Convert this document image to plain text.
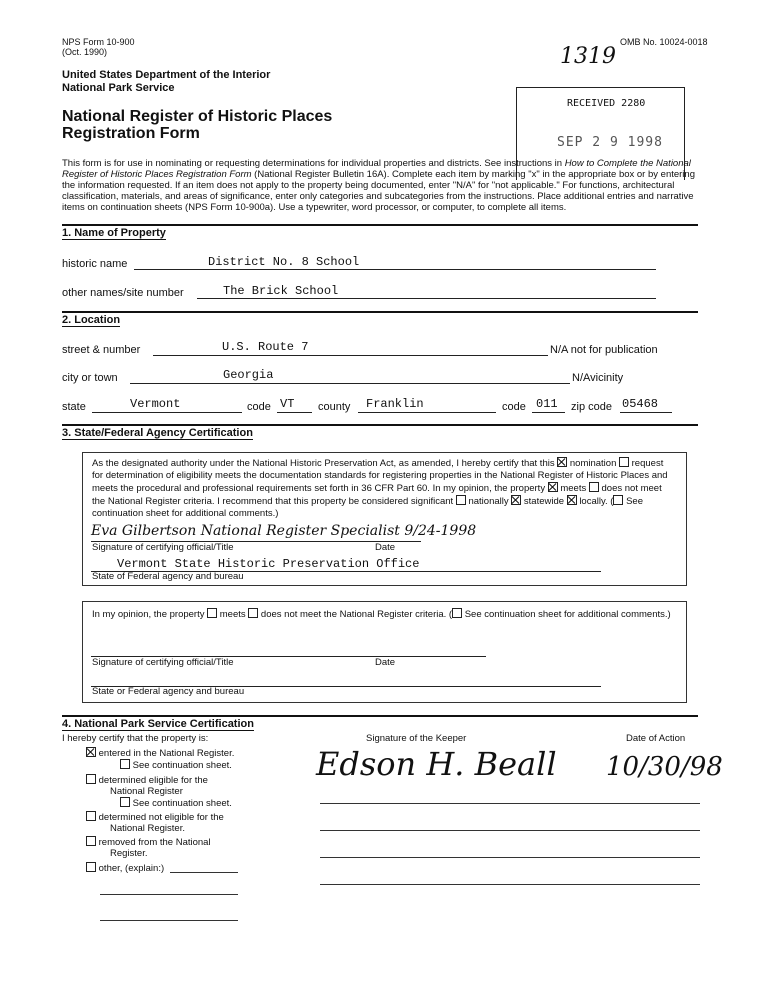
NPS Form 10-900
(Oct. 1990)
OMB No. 10024-0018
1319
United States Department of the Interior
National Park Service
National Register of Historic Places
Registration Form
RECEIVED 2280
SEP 2 9 1998
This form is for use in nominating or requesting determinations for individual properties and districts. See instructions in How to Complete the National Register of Historic Places Registration Form (National Register Bulletin 16A). Complete each item by marking "x" in the appropriate box or by entering the information requested. If an item does not apply to the property being documented, enter "N/A" for "not applicable." For functions, architectural classification, materials, and areas of significance, enter only categories and subcategories from the instructions. Place additional entries and narrative items on continuation sheets (NPS Form 10-900a). Use a typewriter, word processor, or computer, to complete all items.
1. Name of Property
historic name	District No. 8 School
other names/site number	The Brick School
2. Location
street & number	U.S. Route 7	N/A not for publication
city or town	Georgia	N/Avicinity
state	Vermont	code VT county Franklin	code 011 zip code 05468
3. State/Federal Agency Certification
As the designated authority under the National Historic Preservation Act, as amended, I hereby certify that this nomination request for determination of eligibility meets the documentation standards for registering properties in the National Register of Historic Places and meets the procedural and professional requirements set forth in 36 CFR Part 60. In my opinion, the property meets does not meet the National Register criteria. I recommend that this property be considered significant nationally statewide locally. ( See continuation sheet for additional comments.)
Eva Gilbertson National Register Specialist 9/24-1998
Signature of certifying official/Title	Date
Vermont State Historic Preservation Office
State of Federal agency and bureau
In my opinion, the property meets does not meet the National Register criteria. ( See continuation sheet for additional comments.)
Signature of certifying official/Title	Date
State or Federal agency and bureau
4. National Park Service Certification
I hereby certify that the property is:
entered in the National Register.
See continuation sheet.
determined eligible for the
National Register
See continuation sheet.
determined not eligible for the
National Register.
removed from the National
Register.
other, (explain:)
Signature of the Keeper	Date of Action
Edson H. Beall 10/30/98
